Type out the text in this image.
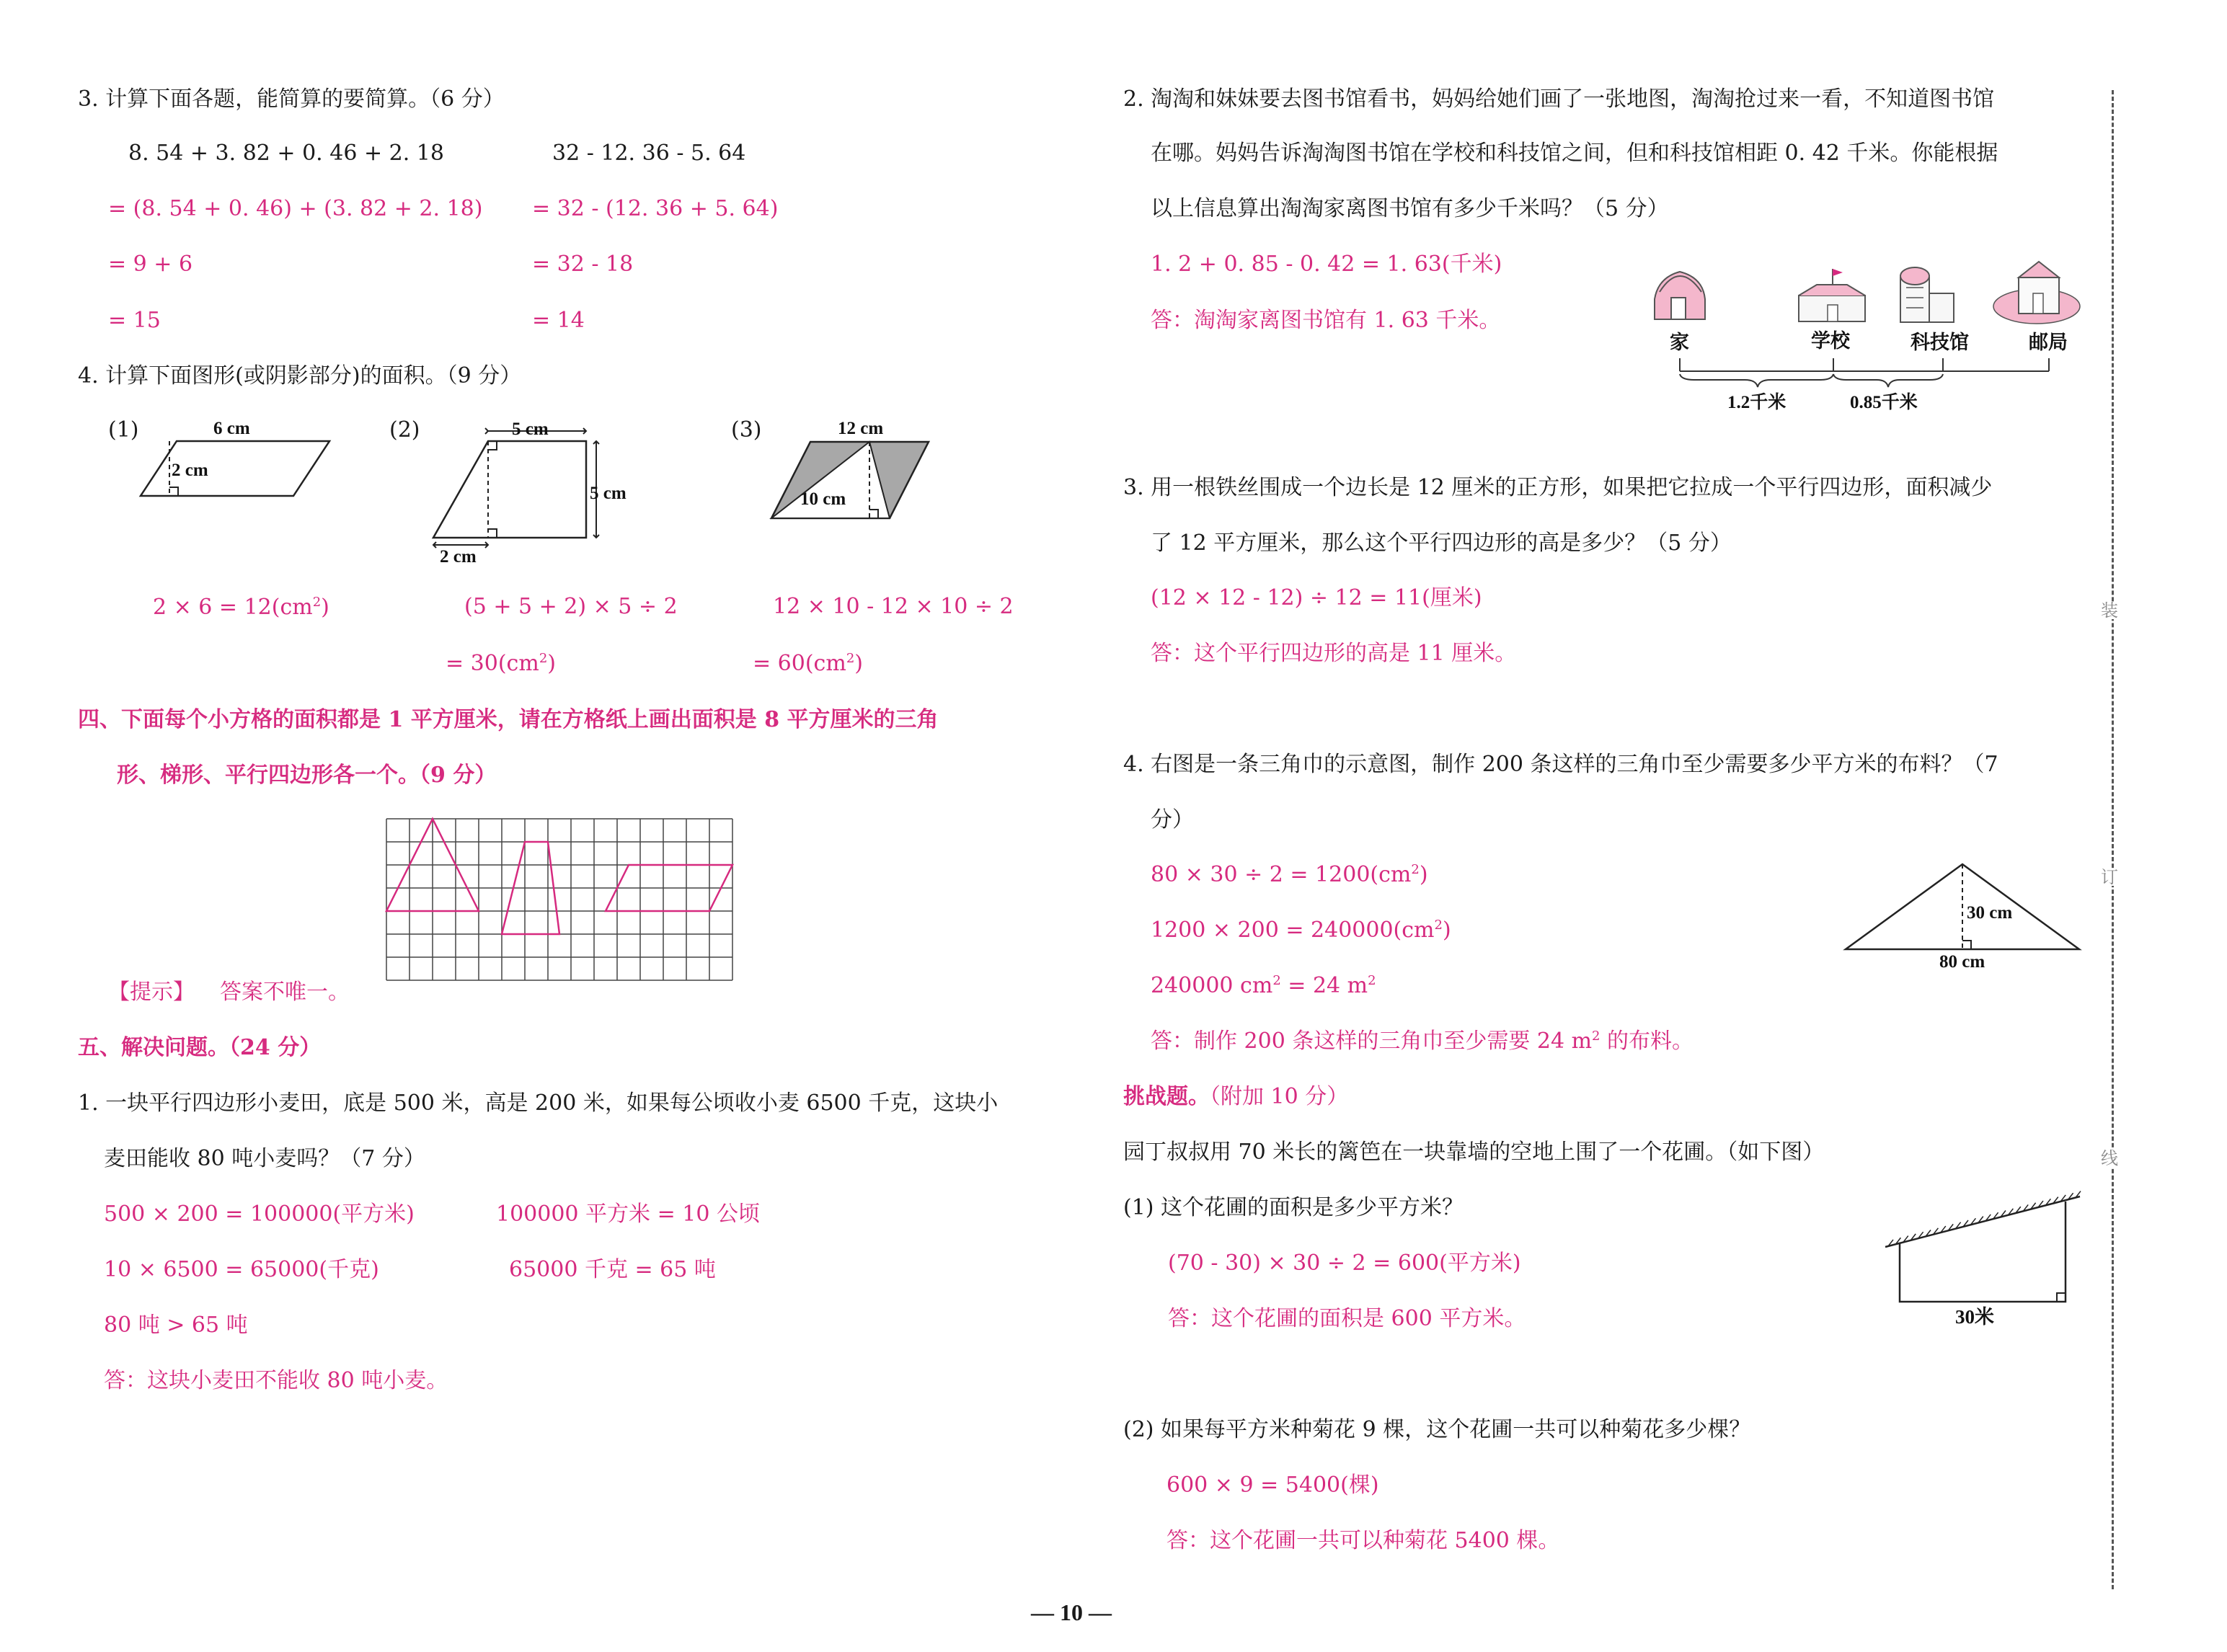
3. 计算下面各题，能简算的要简算。（6 分）
8. 54 + 3. 82 + 0. 46 + 2. 18	32 - 12. 36 - 5. 64
= (8. 54 + 0. 46) + (3. 82 + 2. 18) = 32 - (12. 36 + 5. 64)
= 9 + 6	= 32 - 18
= 15	= 14
4. 计算下面图形(或阴影部分)的面积。（9 分）
(1)	6 cm
2 cm
(2)	5 cm
5 cm
2 cm
(3)	12 cm
10 cm
$2 \times 6 = 12(cm^2)$	(5 + 5 + 2) × 5 ÷ 2
= $30(cm^2)$
12 × 10 - 12 × 10 ÷ 2
= $60(cm^2)$
四、下面每个小方格的面积都是 1 平方厘米，请在方格纸上画出面积是 8 平方厘米的三角
形、梯形、平行四边形各一个。（9 分）
【提示】 答案不唯一。
五、解决问题。（24 分）
1. 一块平行四边形小麦田，底是 500 米，高是 200 米，如果每公顷收小麦 6500 千克，这块小
麦田能收 80 吨小麦吗？（7 分）
500 × 200 = 100000(平方米)	100000 平方米 = 10 公顷
10 × 6500 = 65000(千克)	65000 千克 = 65 吨
80 吨 > 65 吨
答：这块小麦田不能收 80 吨小麦。
2. 淘淘和妹妹要去图书馆看书，妈妈给她们画了一张地图，淘淘抢过来一看，不知道图书馆
在哪。妈妈告诉淘淘图书馆在学校和科技馆之间，但和科技馆相距 0. 42 千米。你能根据
以上信息算出淘淘家离图书馆有多少千米吗？（5 分）
1. 2 + 0. 85 - 0. 42 = 1. 63(千米)
答：淘淘家离图书馆有 1. 63 千米。
家	学校	科技馆	邮局
1.2千米	0.85千米
3. 用一根铁丝围成一个边长是 12 厘米的正方形，如果把它拉成一个平行四边形，面积减少
了 12 平方厘米，那么这个平行四边形的高是多少？（5 分）
(12 × 12 - 12) ÷ 12 = 11(厘米)
答：这个平行四边形的高是 11 厘米。
4. 右图是一条三角巾的示意图，制作 200 条这样的三角巾至少需要多少平方米的布料？（7
分）
$80 \times 30 \div 2 = 1200(cm^2)$
$1200 \times 200 = 240000(cm^2)$
240000 $cm^2 = 24$ $m^2$
答：制作 200 条这样的三角巾至少需要 24 $m^2$ 的布料。
30 cm
80 cm
挑战题。（附加 10 分）
园丁叔叔用 70 米长的篱笆在一块靠墙的空地上围了一个花圃。（如下图）
(1) 这个花圃的面积是多少平方米？
(70 - 30) × 30 ÷ 2 = 600(平方米)
答：这个花圃的面积是 600 平方米。	30米
(2) 如果每平方米种菊花 9 棵，这个花圃一共可以种菊花多少棵？
600 × 9 = 5400(棵)
答：这个花圃一共可以种菊花 5400 棵。
装
订
线
— 10 —
